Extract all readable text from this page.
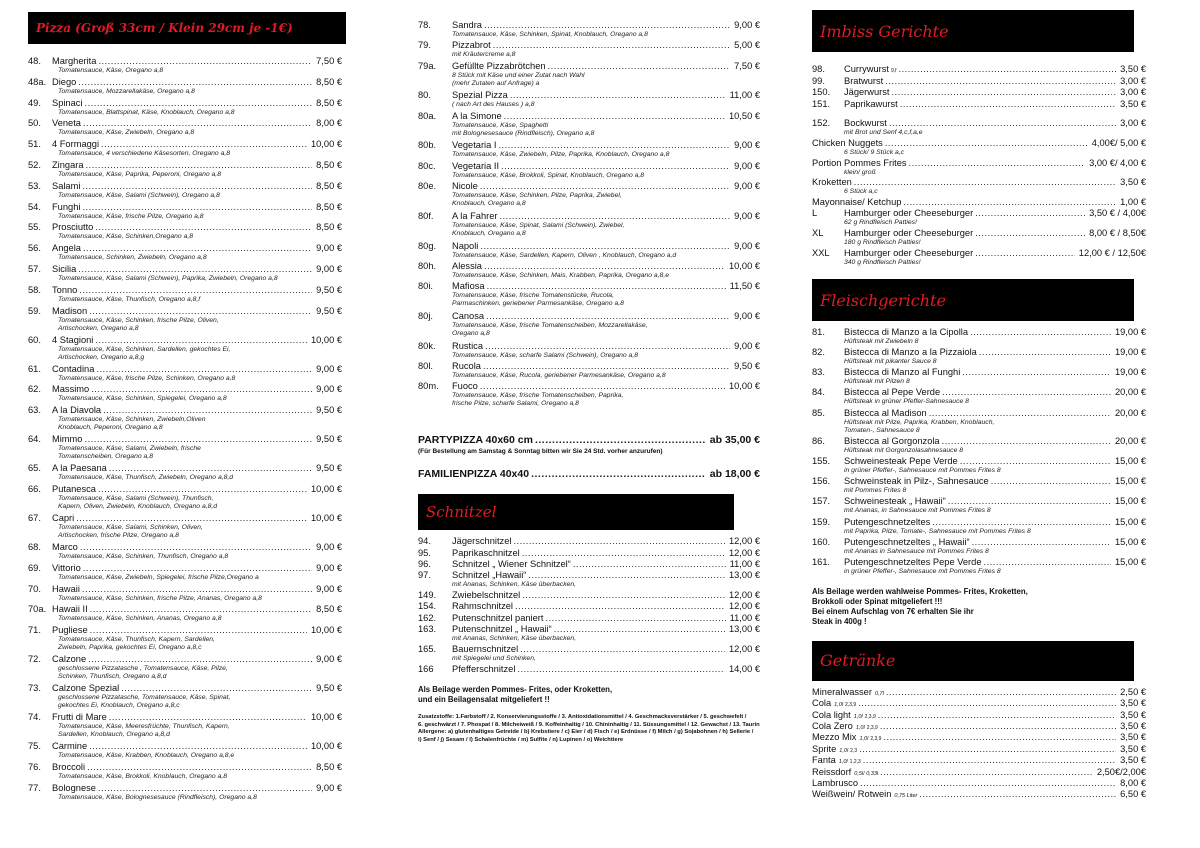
Pizza (Groß 33cm / Klein 29cm je -1€)
48.	Margherita .....	7,50 €
Tomatensauce, Käse, Oregano a,8
48a. Diego .....	8,50 €
Tomatensauce, Mozzarellakäse, Oregano a,8
49.	Spinaci .....	8,50 €
Tomatensauce, Blattspinat, Käse, Knoblauch, Oregano a,8
50.	Veneta .....	8,00 €
Tomatensauce, Käse, Zwiebeln, Oregano a,8
51.	4 Formaggi .....	10,00 €
Tomatensauce, 4 verschiedene Käsesorten, Oregano a,8
52.	Zingara .....	8,50 €
Tomatensauce, Käse, Paprika, Peperoni, Oregano a,8
53.	Salami .....	8,50 €
Tomatensauce, Käse, Salami (Schwein), Oregano a,8
54.	Funghi .....	8,50 €
Tomatensauce, Käse, frische Pilze, Oregano a,8
55.	Prosciutto .....	8,50 €
Tomatensauce, Käse, Schinken,Oregano a,8
56.	Angela .....	9,00 €
Tomatensauce, Schinken, Zwiebeln, Oregano a,8
57.	Sicilia .....	9,00 €
Tomatensauce, Käse, Salami (Schwein), Paprika, Zwiebeln, Oregano a,8
58.	Tonno .....	9,50 €
Tomatensauce, Käse, Thunfisch, Oregano a,8,f
59.	Madison .....	9,50 €
Tomatensauce, Käse, Schinken, frische Pilze, Oliven,
Artischocken, Oregano a,8
60.	4 Stagioni .....	10,00 €
Tomatensauce, Käse, Schinken, Sardellen, gekochtes Ei,
Artischocken, Oregano a,8,g
61.	Contadina .....	9,00 €
Tomatensauce, Käse, frische Pilze, Schinken, Oregano a,8
62.	Massimo .....	9,00 €
Tomatensauce, Käse, Schinken, Spiegelei, Oregano a,8
63.	A la Diavola .....	9,50 €
Tomatensauce, Käse, Schinken, Zwiebeln,Oliven
Knoblauch, Peperoni, Oregano a,8
64.	Mimmo .....	9,50 €
Tomatensauce, Käse, Salami, Zwiebeln, frische
Tomatenscheiben, Oregano a,8
65.	A la Paesana .....	9,50 €
Tomatensauce, Käse, Thunfisch, Zwiebeln, Oregano a,8,d
66.	Putanesca .....	10,00 €
Tomatensauce, Käse, Salami (Schwein), Thunfisch,
Kapern, Oliven, Zwiebeln, Knoblauch, Oregano a,8,d
67.	Capri .....	10,00 €
Tomatensauce, Käse, Salami, Schinken, Oliven,
Artischocken, frische Pilze, Oregano a,8
68.	Marco .....	9,00 €
Tomatensauce, Käse, Schinken, Thunfisch, Oregano a,8
69.	Vittorio .....	9,00 €
Tomatensauce, Käse, Zwiebeln, Spiegelei, frische Pilze,Oregano a
70.	Hawaii .....	9,00 €
Tomatensauce, Käse, Schinken, frische Pilze, Ananas, Oregano a,8
70a. Hawaii II .....	8,50 €
Tomatensauce, Käse, Schinken, Ananas, Oregano a,8
71.	Pugliese .....	10,00 €
Tomatensauce, Käse, Thunfisch, Kapern, Sardellen,
Zwiebeln, Paprika, gekochtes Ei, Oregano a,8,c
72.	Calzone .....	9,00 €
geschlossene Pizzatasche , Tomatensauce, Käse, Pilze,
Schinken, Thunfisch, Oregano a,8,d
73.	Calzone Spezial .....	9,50 €
geschlossene Pizzatasche, Tomatensauce, Käse, Spinat,
gekochtes Ei, Knoblauch, Oregano a,8,c
74.	Frutti di Mare .....	10,00 €
Tomatensauce, Käse, Meeresfrüchte, Thunfisch, Kapern,
Sardellen, Knoblauch, Oregano a,8,d
75.	Carmine .....	10,00 €
Tomatensauce, Käse, Krabben, Knoblauch, Oregano a,8,e
76.	Broccoli .....	8,50 €
Tomatensauce, Käse, Brokkoli, Knoblauch, Oregano a,8
77.	Bolognese .....	9,00 €
Tomatensauce, Käse, Bolognesesauce (Rindfleisch), Oregano a,8
78.	Sandra .....	9,00 €
Tomatensauce, Käse, Schinken, Spinat, Knoblauch, Oregano a,8
79.	Pizzabrot .....	5,00 €
mit Kräutercreme a,8
79a.	Gefüllte Pizzabrötchen .....	7,50 €
8 Stück mit Käse und einer Zutat nach Wahl
(mehr Zutaten auf Anfrage) a
80.	Spezial Pizza .....	11,00 €
( nach Art des Hauses ) a,8
80a.	A la Simone .....	10,50 €
Tomatensauce, Käse, Spaghetti
mit Bolognesesauce (Rindfleisch), Oregano a,8
80b.	Vegetaria I .....	9,00 €
Tomatensauce, Käse, Zwiebeln, Pilze, Paprika, Knoblauch, Oregano a,8
80c.	Vegetaria II .....	9,00 €
Tomatensauce, Käse, Brokkoli, Spinat, Knoblauch, Oregano a,8
80e.	Nicole .....	9,00 €
Tomatensauce, Käse, Schinken, Pilze, Paprika, Zwiebel,
Knoblauch, Oregano a,8
80f.	A la Fahrer .....	9,00 €
Tomatensauce, Käse, Spinat, Salami (Schwein), Zwiebel,
Knoblauch, Oregano a,8
80g.	Napoli .....	9,00 €
Tomatensauce, Käse, Sardellen, Kapern, Oliven , Knoblauch, Oregano a,d
80h.	Alessia .....	10,00 €
Tomatensauce, Käse, Schinken, Mais, Krabben, Paprika, Oregano a,8,e
80i.	Mafiosa .....	11,50 €
Tomatensauce, Käse, frische Tomatenstücke, Rucola,
Parmaschinken, geriebener Parmesankäse, Oregano a,8
80j.	Canosa .....	9,00 €
Tomatensauce, Käse, frische Tomatenscheiben, Mozzarellakäse,
Oregano a,8
80k.	Rustica .....	9,00 €
Tomatensauce, Käse, scharfe Salami (Schwein), Oregano a,8
80l.	Rucola .....	9,50 €
Tomatensauce, Käse, Rucola, geriebener Parmesankäse, Oregano a,8
80m.	Fuoco .....	10,00 €
Tomatensauce, Käse, frische Tomatenscheiben, Paprika,
frische Pilze, scharfe Salami, Oregano a,8
PARTYPIZZA 40x60 cm .....	ab 35,00 €
(Für Bestellung am Samstag & Sonntag bitten wir Sie 24 Std. vorher anzurufen)
FAMILIENPIZZA 40x40 .....	ab 18,00 €
Schnitzel
94.	Jägerschnitzel .....	12,00 €
95.	Paprikaschnitzel .....	12,00 €
96.	Schnitzel „ Wiener Schnitzel“ .....	11,00 €
97.	Schnitzel „Hawaii“ .....	13,00 €
mit Ananas, Schinken, Käse überbacken,
149.	Zwiebelschnitzel .....	12,00 €
154.	Rahmschnitzel .....	12,00 €
162.	Putenschnitzel paniert .....	11,00 €
163.	Putenschnitzel „ Hawaii“ .....	13,00 €
mit Ananas, Schinken, Käse überbacken,
165.	Bauernschnitzel .....	12,00 €
mit Spiegelei und Schinken,
166	Pfefferschnitzel .....	14,00 €
Als Beilage werden Pommes- Frites, oder Kroketten,
und ein Beilagensalat mitgeliefert !!
Zusatzstoffe: 1.Farbstoff / 2. Konservierungsstoffe / 3. Antioxidationsmittel / 4. Geschmacksverstärker / 5. geschwefelt /
6. geschwärzt / 7. Phospat / 8. Milcheiweiß / 9. Koffeinhaltig / 10. Chininhaltig / 11. Süssungsmittel / 12. Gewachst / 13. Taurin
Allergene: a) glutenhaltiges Getreide / b) Krebstiere / c) Eier / d) Fisch / e) Erdnüsse / f) Milch / g) Sojabohnen / h) Sellerie /
i) Senf / j) Sesam / l) Schalenfrüchte / m) Sulfite / n) Lupinen / o) Weichtiere
Imbiss Gerichte
98.	Currywurst 9,f .....	3,50 €
99.	Bratwurst .....	3,00 €
150.	Jägerwurst .....	3,00 €
151.	Paprikawurst .....	3,50 €
152.	Bockwurst .....	3,00 €
mit Brot und Senf 4,c,f,a,e
Chicken Nuggets .....	4,00€/ 5,00 €
6 Stück/ 9 Stück a,c
Portion Pommes Frites .....	3,00 €/ 4,00 €
klein/ groß
Kroketten .....	3,50 €
6 Stück a,c
Mayonnaise/ Ketchup .....	1,00 €
L	Hamburger oder Cheeseburger .....	3,50 € / 4,00€
62 g Rindfleisch Patties!
XL	Hamburger oder Cheeseburger .....	8,00 € / 8,50€
180 g Rindfleisch Patties!
XXL	Hamburger oder Cheeseburger .....	12,00 € / 12,50€
340 g Rindfleisch Patties!
Fleischgerichte
81.	Bistecca di Manzo a la Cipolla .....	19,00 €
Hüftsteak mit Zwiebeln 8
82.	Bistecca di Manzo a la Pizzaiola .....	19,00 €
Hüftsteak mit pikanter Sauce 8
83.	Bistecca di Manzo al Funghi .....	19,00 €
Hüftsteak mit Pilzen 8
84.	Bistecca al Pepe Verde .....	20,00 €
Hüftsteak in grüner Pfeffer-Sahnesauce 8
85.	Bistecca al Madison .....	20,00 €
Hüftsteak mit Pilze, Paprika, Krabben, Knoblauch,
Tomaten-, Sahnesauce 8
86.	Bistecca al Gorgonzola .....	20,00 €
Hüftsteak mit Gorgonzolasahnesauce 8
155.	Schweinesteak Pepe Verde .....	15,00 €
in grüner Pfeffer-, Sahnesauce mit Pommes Frites 8
156.	Schweinsteak in Pilz-, Sahnesauce .....	15,00 €
mit Pommes Frites 8
157.	Schweinesteak „ Hawaii“ .....	15,00 €
mit Ananas, in Sahnesauce mit Pommes Frites 8
159.	Putengeschnetzeltes .....	15,00 €
mit Paprika, Pilze, Tomate-, Sahnesauce mit Pommes Frites 8
160.	Putengeschnetzeltes „ Hawaii“ .....	15,00 €
mit Ananas in Sahnesauce mit Pommes Frites 8
161.	Putengeschnetzeltes Pepe Verde .....	15,00 €
in grüner Pfeffer-, Sahnesauce mit Pommes Frites 8
Als Beilage werden wahlweise Pommes- Frites, Kroketten,
Brokkoli oder Spinat mitgeliefert !!!
Bei einem Aufschlag von 7€ erhalten Sie ihr
Steak in 400g !
Getränke
Mineralwasser 0,7l .....	2,50 €
Cola 1,0l 2,3,9 .....	3,50 €
Cola light 1,0l 2,3,9 .....	3,50 €
Cola Zero 1,0l 2,3,9 .....	3,50 €
Mezzo Mix 1,0l 2,3,9 .....	3,50 €
Sprite 1,0l 2,3 .....	3,50 €
Fanta 1,0l 1,2,3 .....	3,50 €
Reissdorf 0,5l/ 0,33l .....	2,50€/2,00€
Lambrusco .....	8,00 €
Weißwein/ Rotwein 0,75 Liter .....	6,50 €
